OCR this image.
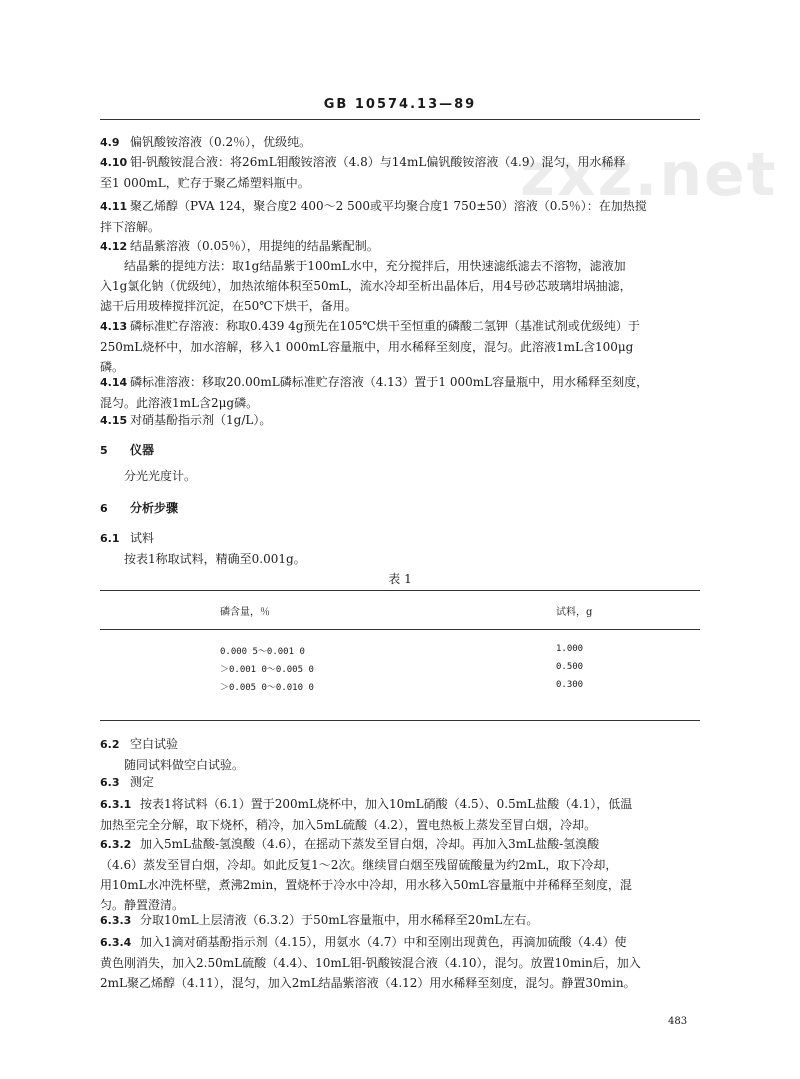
zxz.net
GB 10574.13—89
4.9 偏钒酸铵溶液（0.2％），优级纯。
4.10 钼-钒酸铵混合液：将26mL钼酸铵溶液（4.8）与14mL偏钒酸铵溶液（4.9）混匀，用水稀释
至1 000mL，贮存于聚乙烯塑料瓶中。
4.11 聚乙烯醇（PVA 124，聚合度2 400～2 500或平均聚合度1 750±50）溶液（0.5％）：在加热搅
拌下溶解。
4.12 结晶紫溶液（0.05％），用提纯的结晶紫配制。
结晶紫的提纯方法：取1g结晶紫于100mL水中，充分搅拌后，用快速滤纸滤去不溶物，滤液加
入1g氯化钠（优级纯），加热浓缩体积至50mL，流水冷却至析出晶体后，用4号砂芯玻璃坩埚抽滤，
滤干后用玻棒搅拌沉淀，在50℃下烘干，备用。
4.13 磷标准贮存溶液：称取0.439 4g预先在105℃烘干至恒重的磷酸二氢钾（基准试剂或优级纯）于
250mL烧杯中，加水溶解，移入1 000mL容量瓶中，用水稀释至刻度，混匀。此溶液1mL含100μg
磷。
4.14 磷标准溶液：移取20.00mL磷标准贮存溶液（4.13）置于1 000mL容量瓶中，用水稀释至刻度，
混匀。此溶液1mL含2μg磷。
4.15 对硝基酚指示剂（1g/L）。
5 仪器
分光光度计。
6 分析步骤
6.1 试料
按表1称取试料，精确至0.001g。
表 1
磷含量，％	试料，g
0.000 5～0.001 0	1.000
＞0.001 0～0.005 0	0.500
＞0.005 0～0.010 0	0.300
6.2 空白试验
随同试料做空白试验。
6.3 测定
6.3.1 按表1将试料（6.1）置于200mL烧杯中，加入10mL硝酸（4.5）、0.5mL盐酸（4.1），低温
加热至完全分解，取下烧杯，稍冷，加入5mL硫酸（4.2），置电热板上蒸发至冒白烟，冷却。
6.3.2 加入5mL盐酸-氢溴酸（4.6），在摇动下蒸发至冒白烟，冷却。再加入3mL盐酸-氢溴酸
（4.6）蒸发至冒白烟，冷却。如此反复1～2次。继续冒白烟至残留硫酸量为约2mL，取下冷却，
用10mL水冲洗杯壁，煮沸2min，置烧杯于冷水中冷却，用水移入50mL容量瓶中并稀释至刻度，混
匀。静置澄清。
6.3.3 分取10mL上层清液（6.3.2）于50mL容量瓶中，用水稀释至20mL左右。
6.3.4 加入1滴对硝基酚指示剂（4.15），用氨水（4.7）中和至刚出现黄色，再滴加硫酸（4.4）使
黄色刚消失，加入2.50mL硫酸（4.4）、10mL钼-钒酸铵混合液（4.10），混匀。放置10min后，加入
2mL聚乙烯醇（4.11），混匀，加入2mL结晶紫溶液（4.12）用水稀释至刻度，混匀。静置30min。
483
